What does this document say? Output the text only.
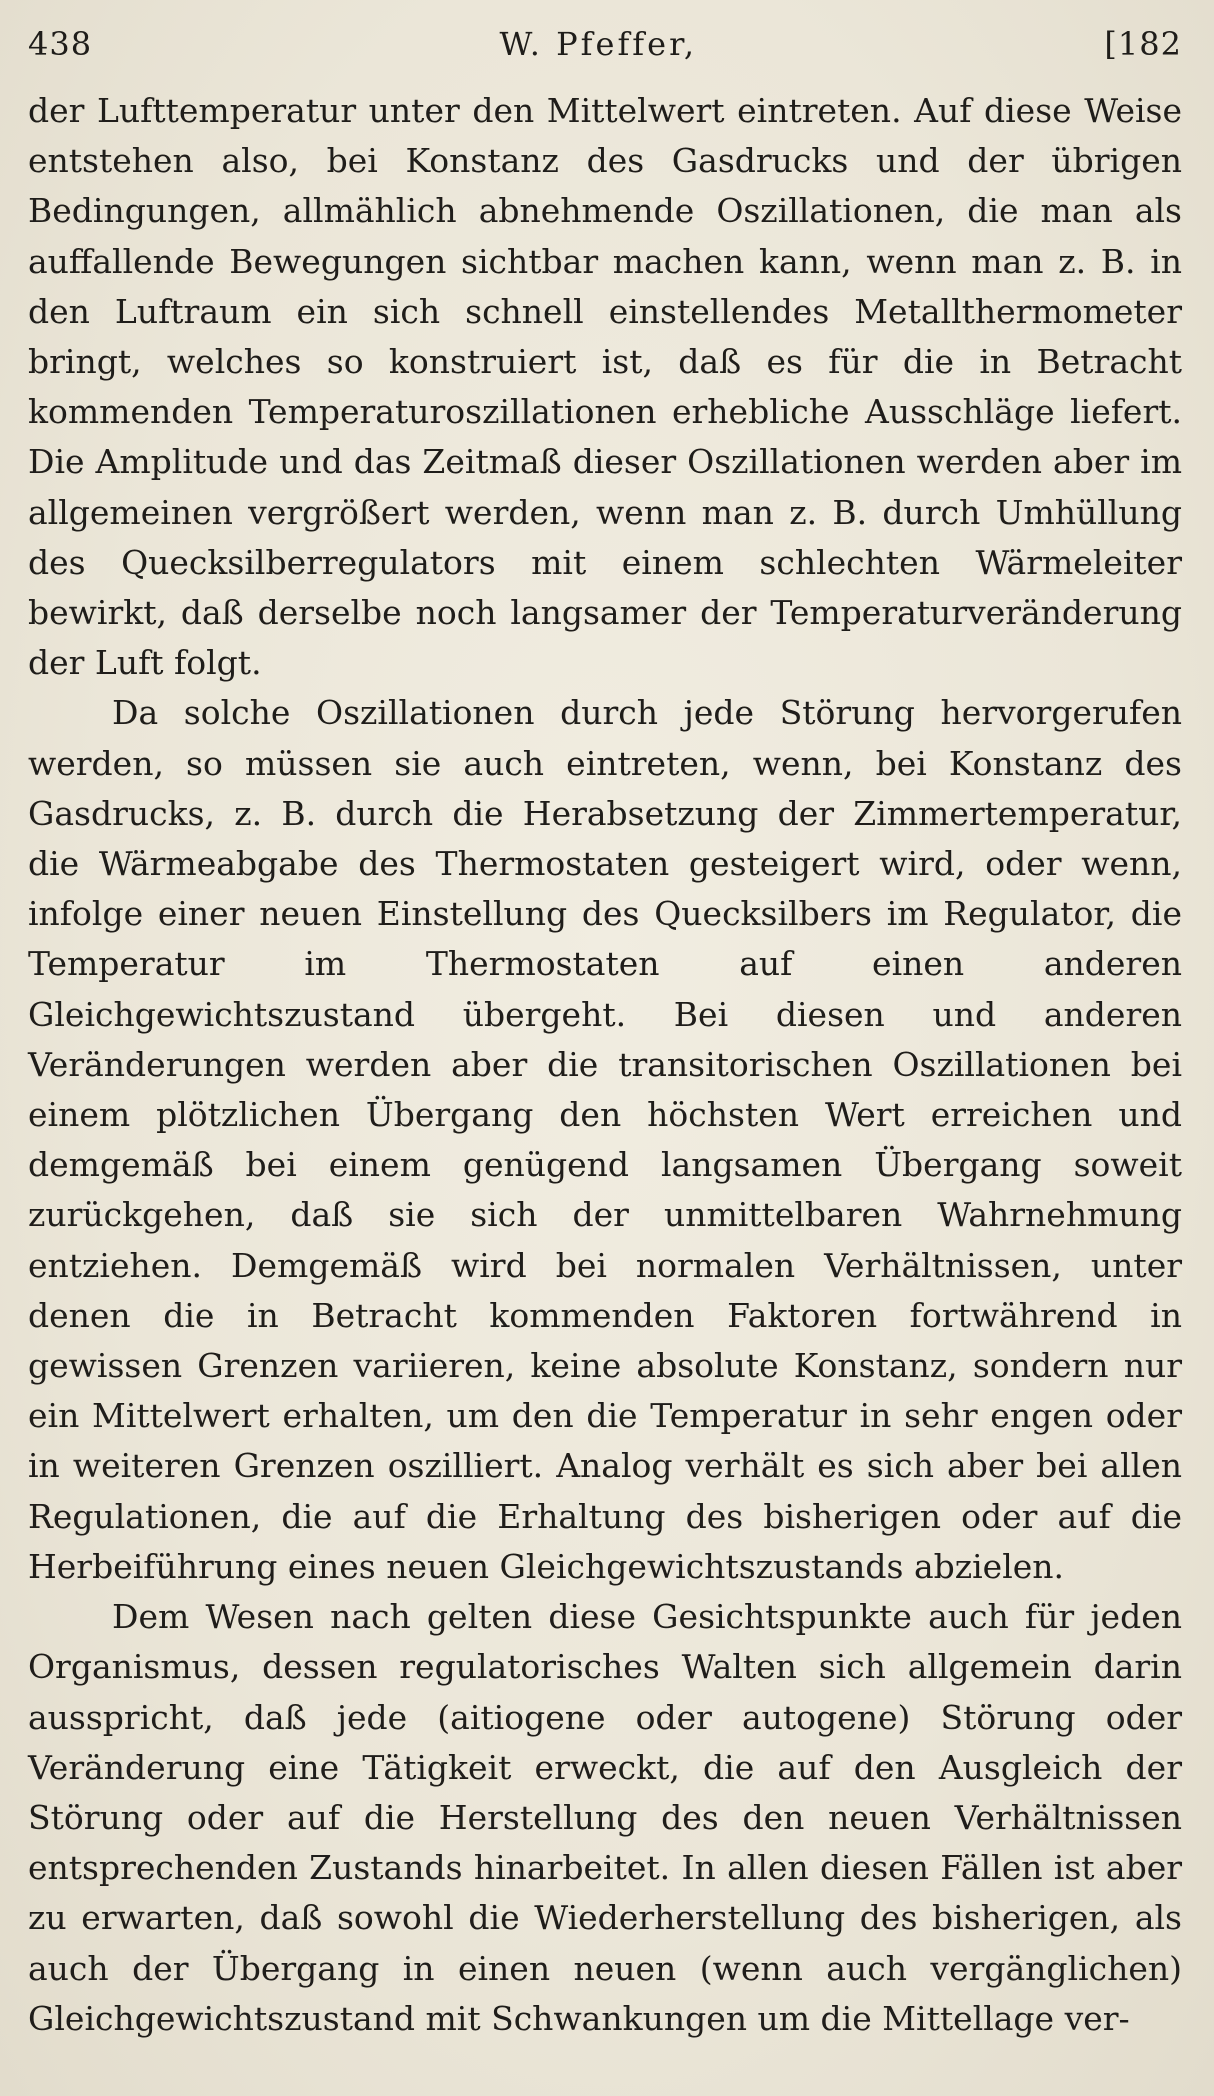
438	W. Pfeffer,	[182

der Lufttemperatur unter den Mittelwert eintreten. Auf diese Weise entstehen also, bei Konstanz des Gasdrucks und der übrigen Bedingungen, allmählich abnehmende Oszillationen, die man als auffallende Bewegungen sichtbar machen kann, wenn man z. B. in den Luftraum ein sich schnell einstellendes Metallthermometer bringt, welches so konstruiert ist, daß es für die in Betracht kommenden Temperaturoszillationen erhebliche Ausschläge liefert. Die Amplitude und das Zeitmaß dieser Oszillationen werden aber im allgemeinen vergrößert werden, wenn man z. B. durch Umhüllung des Quecksilberregulators mit einem schlechten Wärmeleiter bewirkt, daß derselbe noch langsamer der Temperaturveränderung der Luft folgt.

Da solche Oszillationen durch jede Störung hervorgerufen werden, so müssen sie auch eintreten, wenn, bei Konstanz des Gasdrucks, z. B. durch die Herabsetzung der Zimmertemperatur, die Wärmeabgabe des Thermostaten gesteigert wird, oder wenn, infolge einer neuen Einstellung des Quecksilbers im Regulator, die Temperatur im Thermostaten auf einen anderen Gleichgewichtszustand übergeht. Bei diesen und anderen Veränderungen werden aber die transitorischen Oszillationen bei einem plötzlichen Übergang den höchsten Wert erreichen und demgemäß bei einem genügend langsamen Übergang soweit zurückgehen, daß sie sich der unmittelbaren Wahrnehmung entziehen. Demgemäß wird bei normalen Verhältnissen, unter denen die in Betracht kommenden Faktoren fortwährend in gewissen Grenzen variieren, keine absolute Konstanz, sondern nur ein Mittelwert erhalten, um den die Temperatur in sehr engen oder in weiteren Grenzen oszilliert. Analog verhält es sich aber bei allen Regulationen, die auf die Erhaltung des bisherigen oder auf die Herbeiführung eines neuen Gleichgewichtszustands abzielen.

Dem Wesen nach gelten diese Gesichtspunkte auch für jeden Organismus, dessen regulatorisches Walten sich allgemein darin ausspricht, daß jede (aitiogene oder autogene) Störung oder Veränderung eine Tätigkeit erweckt, die auf den Ausgleich der Störung oder auf die Herstellung des den neuen Verhältnissen entsprechenden Zustands hinarbeitet. In allen diesen Fällen ist aber zu erwarten, daß sowohl die Wiederherstellung des bisherigen, als auch der Übergang in einen neuen (wenn auch vergänglichen) Gleichgewichtszustand mit Schwankungen um die Mittellage ver-
